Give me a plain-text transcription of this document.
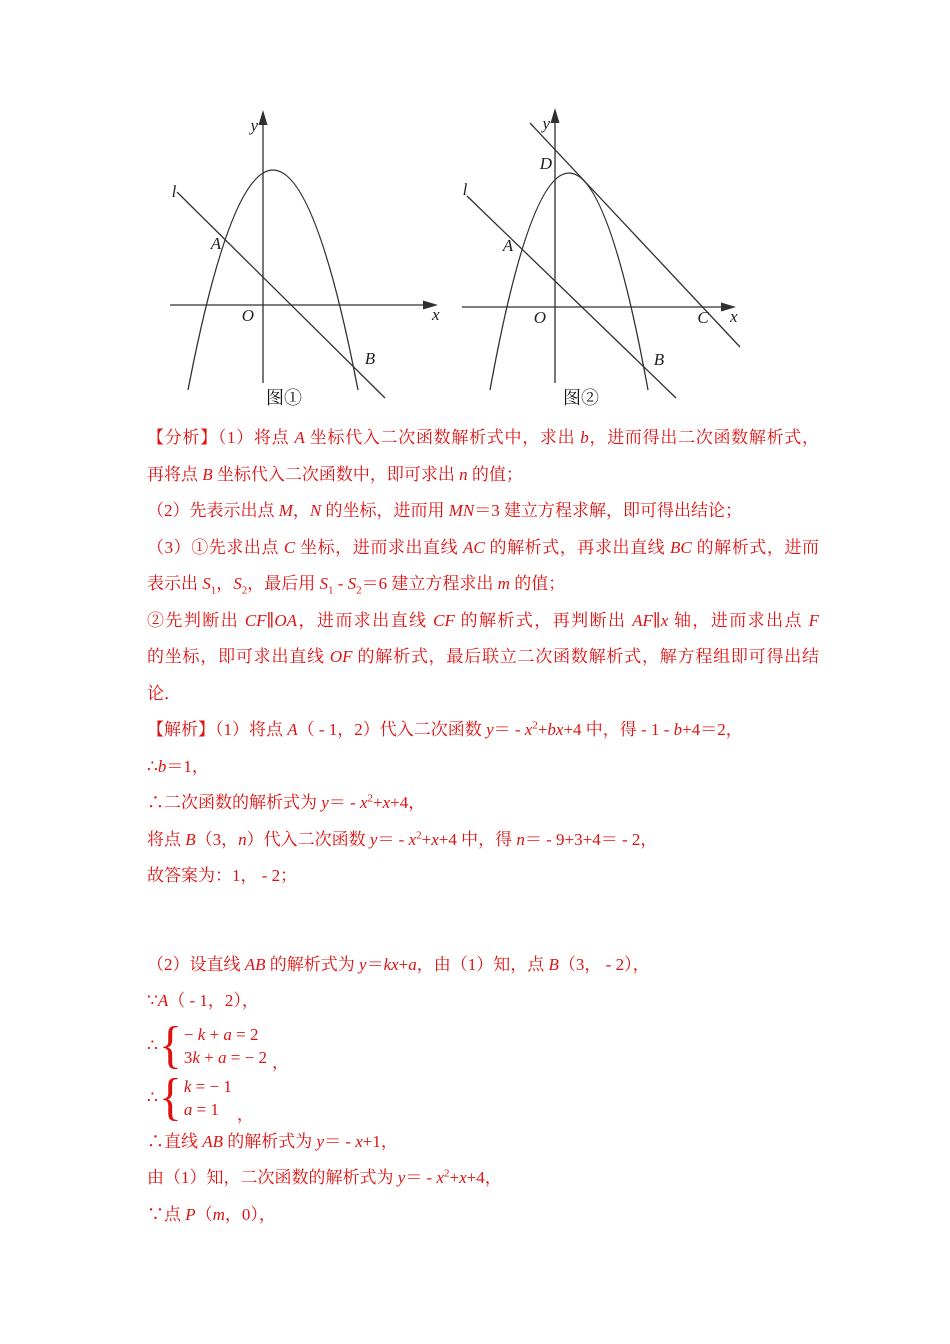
y
x
O
l
A
B
图①
y
D
x
O
l
A
B
C
图②
【分析】（1）将点 A 坐标代入二次函数解析式中，求出 b，进而得出二次函数解析式，
再将点 B 坐标代入二次函数中，即可求出 n 的值；
（2）先表示出点 M，N 的坐标，进而用 MN＝3 建立方程求解，即可得出结论；
（3）①先求出点 C 坐标，进而求出直线 AC 的解析式，再求出直线 BC 的解析式，进而
表示出 $S_1$，$S_2$，最后用 $S_1 - S_2=6$ 建立方程求出 m 的值；
②先判断出 CF∥OA，进而求出直线 CF 的解析式，再判断出 AF∥x 轴，进而求出点 F
的坐标，即可求出直线 OF 的解析式，最后联立二次函数解析式，解方程组即可得出结
论．
【解析】（1）将点 A（ - 1，2）代入二次函数 $y= - x^2+bx+4$ 中，得 - 1 - b+4＝2，
∴b＝1，
∴二次函数的解析式为 $y= - x^2+x+4$，
将点 B（3，n）代入二次函数 $y= - x^2+x+4$ 中，得 n＝ - 9+3+4＝ - 2，
故答案为：1， - 2；
（2）设直线 AB 的解析式为 y＝kx+a，由（1）知，点 B（3， - 2），
∵A（ - 1，2），
∴ { − k + a = 2
3k + a = − 2 ，
∴ { k = − 1
a = 1	，
∴直线 AB 的解析式为 y＝ - x+1，
由（1）知，二次函数的解析式为 $y= - x^2+x+4$，
∵点 P（m，0），
